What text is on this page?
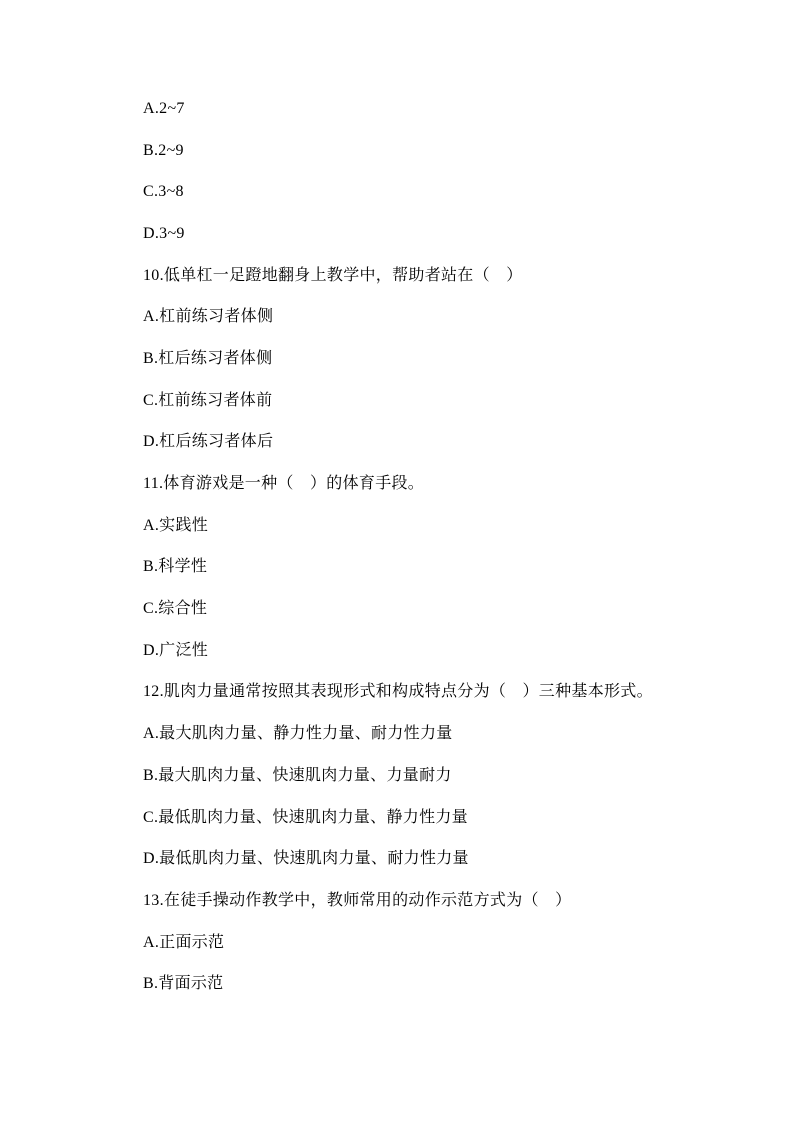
A.2~7

B.2~9

C.3~8

D.3~9

10.低单杠一足蹬地翻身上教学中，帮助者站在（　）

A.杠前练习者体侧

B.杠后练习者体侧

C.杠前练习者体前

D.杠后练习者体后

11.体育游戏是一种（　）的体育手段。

A.实践性

B.科学性

C.综合性

D.广泛性

12.肌肉力量通常按照其表现形式和构成特点分为（　）三种基本形式。

A.最大肌肉力量、静力性力量、耐力性力量

B.最大肌肉力量、快速肌肉力量、力量耐力

C.最低肌肉力量、快速肌肉力量、静力性力量

D.最低肌肉力量、快速肌肉力量、耐力性力量

13.在徒手操动作教学中，教师常用的动作示范方式为（　）

A.正面示范

B.背面示范
